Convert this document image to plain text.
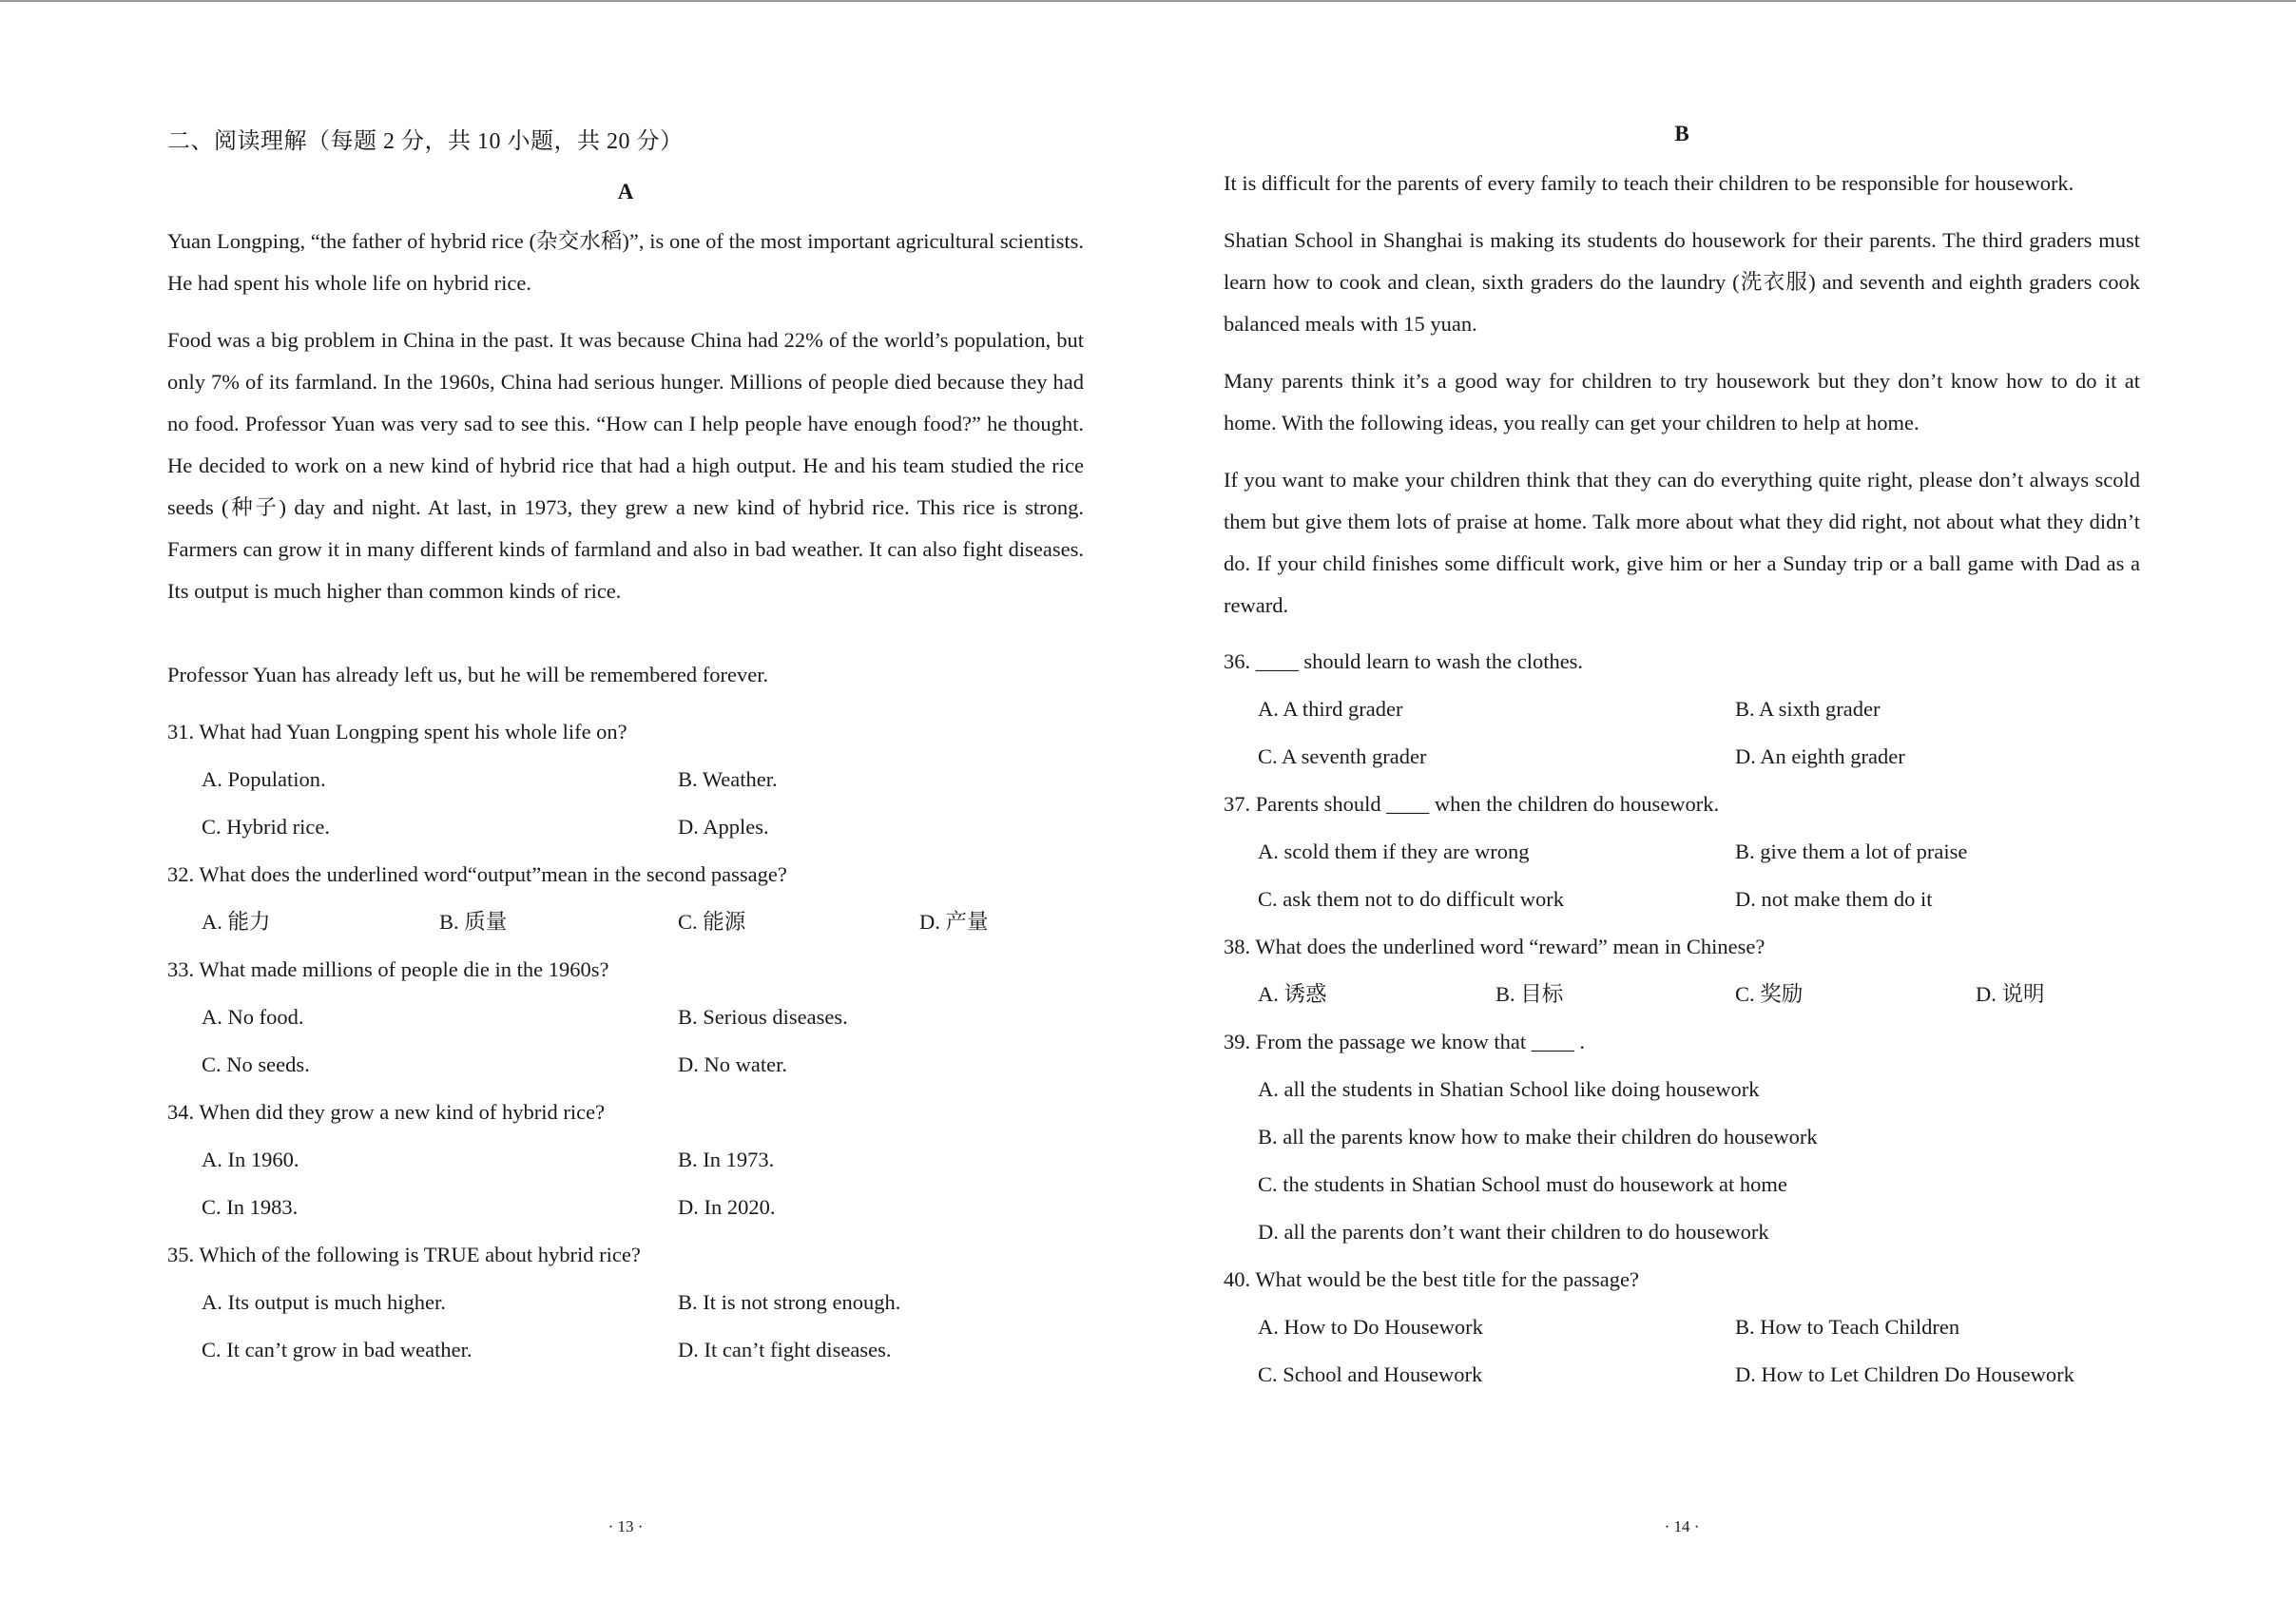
二、阅读理解（每题 2 分，共 10 小题，共 20 分）
A

Yuan Longping, “the father of hybrid rice (杂交水稻)”, is one of the most important agricultural scientists. He had spent his whole life on hybrid rice.

Food was a big problem in China in the past. It was because China had 22% of the world’s population, but only 7% of its farmland. In the 1960s, China had serious hunger. Millions of people died because they had no food. Professor Yuan was very sad to see this. “How can I help people have enough food?” he thought. He decided to work on a new kind of hybrid rice that had a high output. He and his team studied the rice seeds (种子) day and night. At last, in 1973, they grew a new kind of hybrid rice. This rice is strong. Farmers can grow it in many different kinds of farmland and also in bad weather. It can also fight diseases. Its output is much higher than common kinds of rice.

Professor Yuan has already left us, but he will be remembered forever.

31. What had Yuan Longping spent his whole life on?
A. Population.	B. Weather.
C. Hybrid rice.	D. Apples.
32. What does the underlined word“output”mean in the second passage?
A. 能力	B. 质量	C. 能源	D. 产量
33. What made millions of people die in the 1960s?
A. No food.	B. Serious diseases.
C. No seeds.	D. No water.
34. When did they grow a new kind of hybrid rice?
A. In 1960.	B. In 1973.
C. In 1983.	D. In 2020.
35. Which of the following is TRUE about hybrid rice?
A. Its output is much higher.	B. It is not strong enough.
C. It can’t grow in bad weather.	D. It can’t fight diseases.
· 13 ·
B

It is difficult for the parents of every family to teach their children to be responsible for housework.

Shatian School in Shanghai is making its students do housework for their parents. The third graders must learn how to cook and clean, sixth graders do the laundry (洗衣服) and seventh and eighth graders cook balanced meals with 15 yuan.

Many parents think it’s a good way for children to try housework but they don’t know how to do it at home. With the following ideas, you really can get your children to help at home.

If you want to make your children think that they can do everything quite right, please don’t always scold them but give them lots of praise at home. Talk more about what they did right, not about what they didn’t do. If your child finishes some difficult work, give him or her a Sunday trip or a ball game with Dad as a reward.

36. ____ should learn to wash the clothes.
A. A third grader	B. A sixth grader
C. A seventh grader	D. An eighth grader
37. Parents should ____ when the children do housework.
A. scold them if they are wrong	B. give them a lot of praise
C. ask them not to do difficult work	D. not make them do it
38. What does the underlined word “reward” mean in Chinese?
A. 诱惑	B. 目标	C. 奖励	D. 说明
39. From the passage we know that ____ .
A. all the students in Shatian School like doing housework
B. all the parents know how to make their children do housework
C. the students in Shatian School must do housework at home
D. all the parents don’t want their children to do housework
40. What would be the best title for the passage?
A. How to Do Housework	B. How to Teach Children
C. School and Housework	D. How to Let Children Do Housework
· 14 ·
